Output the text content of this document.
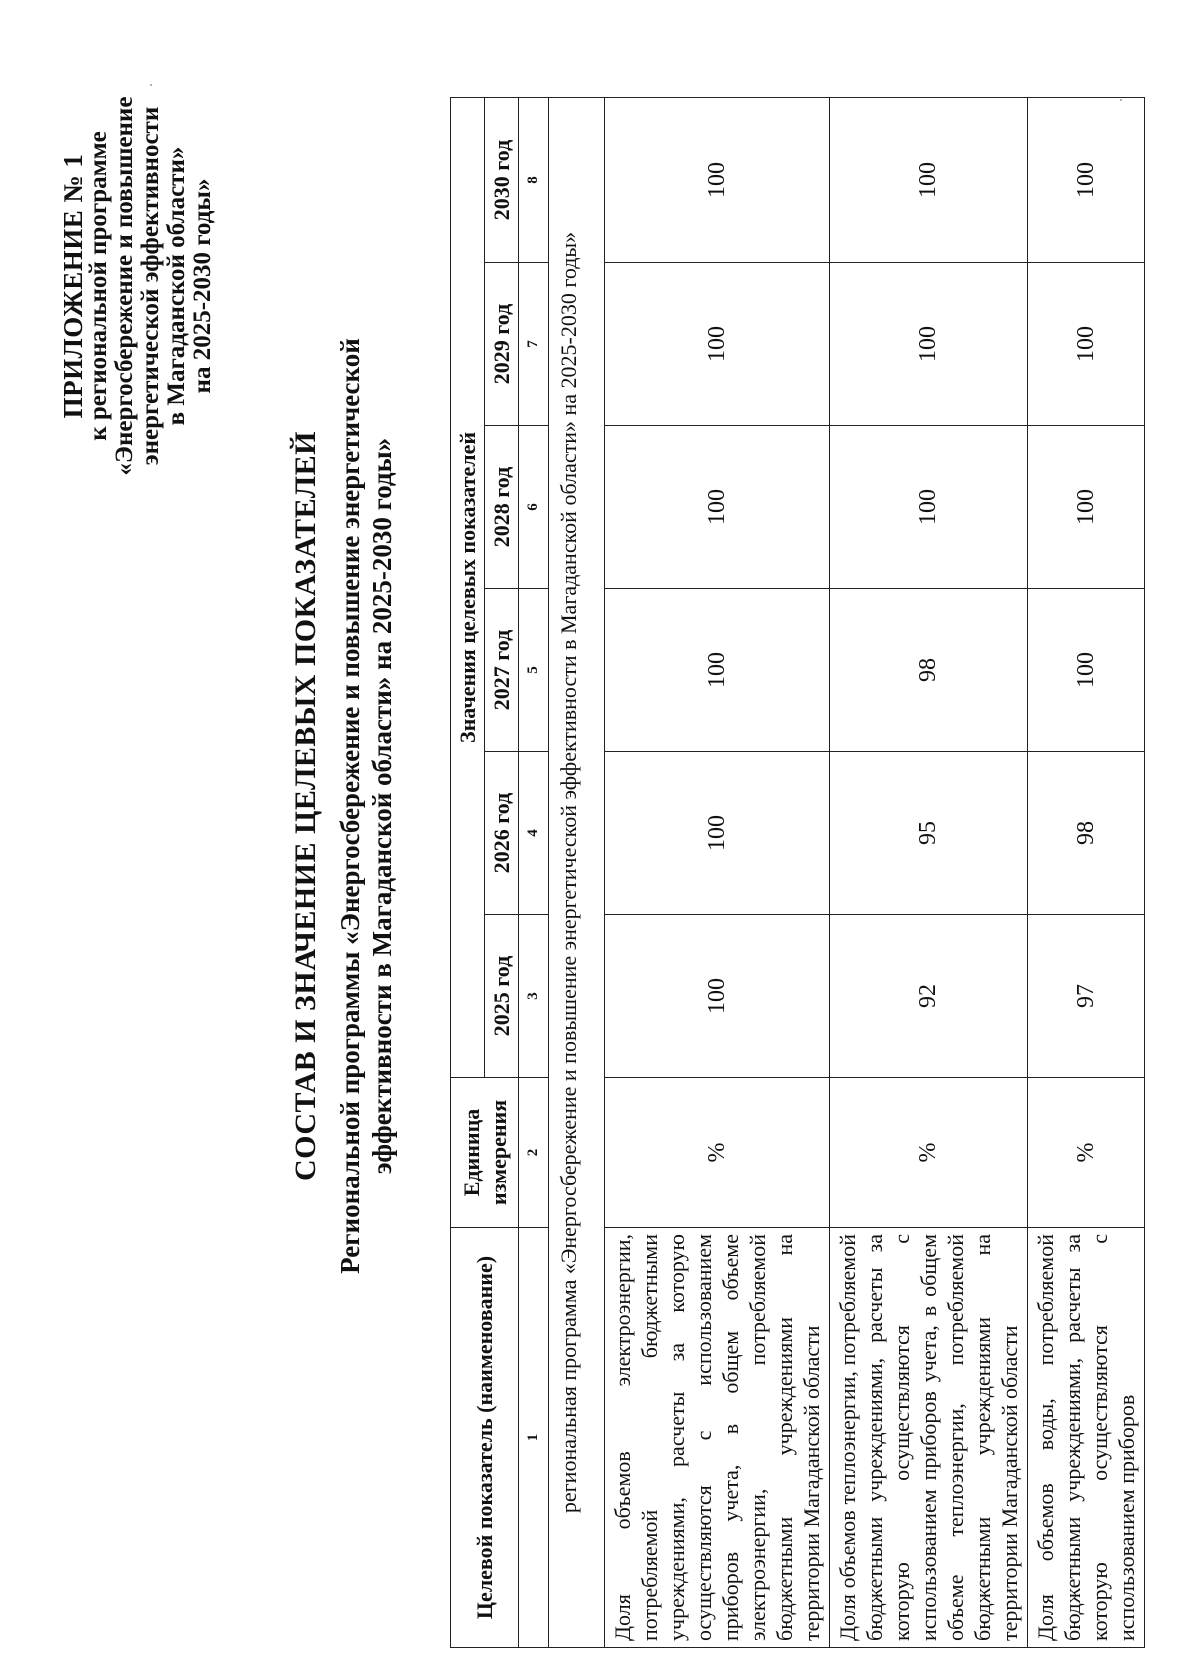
ПРИЛОЖЕНИЕ № 1
к региональной программе «Энергосбережение и повышение энергетической эффективности в Магаданской области» на 2025-2030 годы»
СОСТАВ И ЗНАЧЕНИЕ ЦЕЛЕВЫХ ПОКАЗАТЕЛЕЙ Региональной программы «Энергосбережение и повышение энергетической эффективности в Магаданской области» на 2025-2030 годы»
Целевой показатель (наименование)	Единица измерения	Значения целевых показателей					
		2025 год	2026 год	2027 год	2028 год	2029 год	2030 год
1	2	3	4	5	6	7	8
региональная программа «Энергосбережение и повышение энергетической эффективности в Магаданской области» на 2025-2030 годы»							
Доля объемов электроэнергии, потребляемой бюджетными учреждениями, расчеты за которую осуществляются с использованием приборов учета, в общем объеме электроэнергии, потребляемой бюджетными учреждениями на территории Магаданской области	%	100	100	100	100	100	100
Доля объемов теплоэнергии, потребляемой бюджетными учреждениями, расчеты за которую осуществляются с использованием приборов учета, в общем объеме теплоэнергии, потребляемой бюджетными учреждениями на территории Магаданской области	%	92	95	98	100	100	100
Доля объемов воды, потребляемой бюджетными учреждениями, расчеты за которую осуществляются с использованием приборов	%	97	98	100	100	100	100
